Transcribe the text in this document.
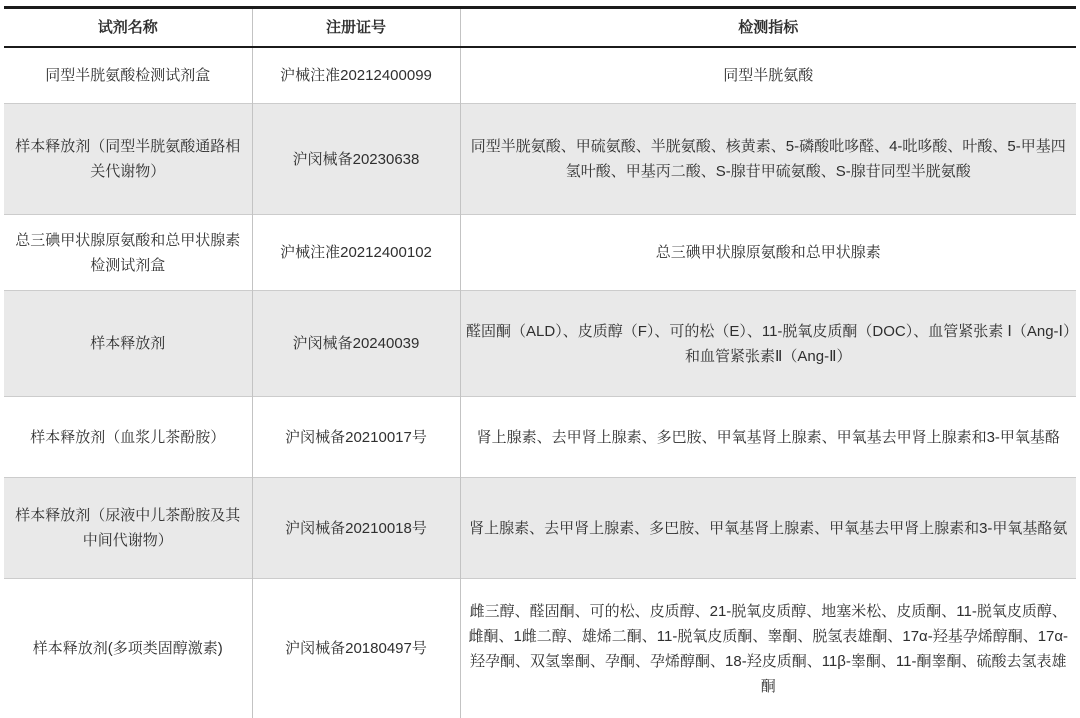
试剂名称	注册证号	检测指标
同型半胱氨酸检测试剂盒	沪械注准20212400099	同型半胱氨酸
样本释放剂（同型半胱氨酸通路相关代谢物）	沪闵械备20230638	同型半胱氨酸、甲硫氨酸、半胱氨酸、核黄素、5-磷酸吡哆醛、4-吡哆酸、叶酸、5-甲基四氢叶酸、甲基丙二酸、S-腺苷甲硫氨酸、S-腺苷同型半胱氨酸
总三碘甲状腺原氨酸和总甲状腺素检测试剂盒	沪械注准20212400102	总三碘甲状腺原氨酸和总甲状腺素
样本释放剂	沪闵械备20240039	醛固酮（ALD）、皮质醇（F）、可的松（E）、11-脱氧皮质酮（DOC）、血管紧张素 Ⅰ（Ang-Ⅰ）和血管紧张素Ⅱ（Ang-Ⅱ）
样本释放剂（血浆儿茶酚胺）	沪闵械备20210017号	肾上腺素、去甲肾上腺素、多巴胺、甲氧基肾上腺素、甲氧基去甲肾上腺素和3-甲氧基酪
样本释放剂（尿液中儿茶酚胺及其中间代谢物）	沪闵械备20210018号	肾上腺素、去甲肾上腺素、多巴胺、甲氧基肾上腺素、甲氧基去甲肾上腺素和3-甲氧基酪氨
样本释放剂(多项类固醇激素)	沪闵械备20180497号	雌三醇、醛固酮、可的松、皮质醇、21-脱氧皮质醇、地塞米松、皮质酮、11-脱氧皮质醇、雌酮、1雌二醇、雄烯二酮、11-脱氧皮质酮、睾酮、脱氢表雄酮、17α-羟基孕烯醇酮、17α-羟孕酮、双氢睾酮、孕酮、孕烯醇酮、18-羟皮质酮、11β-睾酮、11-酮睾酮、硫酸去氢表雄酮
